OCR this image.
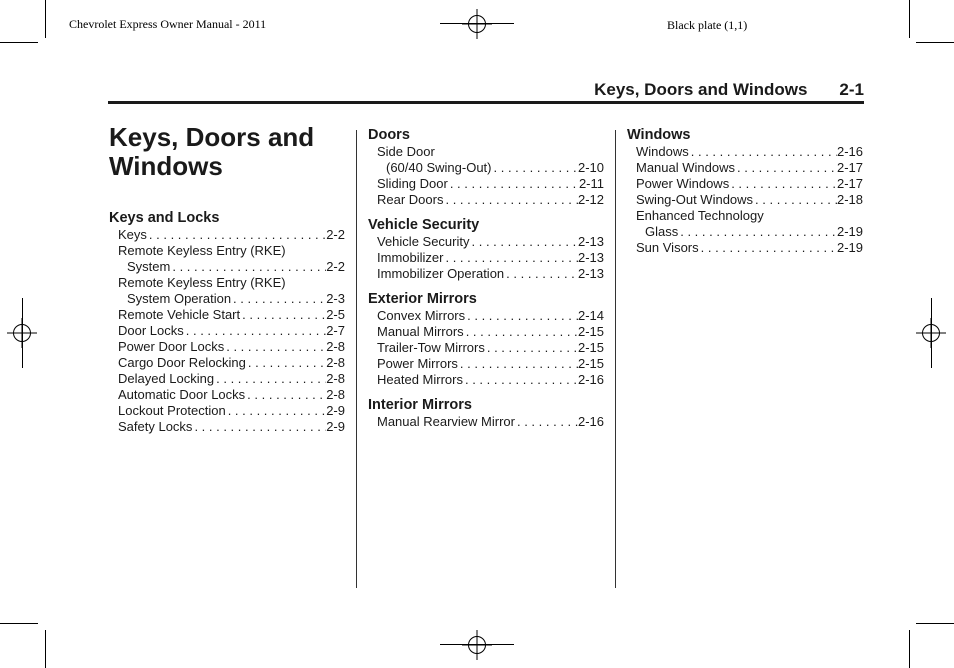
Chevrolet Express Owner Manual - 2011	Black plate (1,1)
Keys, Doors and Windows 2-1
Keys, Doors and
Windows
Keys and Locks
Keys . . .	2-2
Remote Keyless Entry (RKE)
System . . .	2-2
Remote Keyless Entry (RKE)
System Operation . . .	2-3
Remote Vehicle Start . . .	2-5
Door Locks . . .	2-7
Power Door Locks . . .	2-8
Cargo Door Relocking . . .	2-8
Delayed Locking . . .	2-8
Automatic Door Locks . . .	2-8
Lockout Protection . . .	2-9
Safety Locks . . .	2-9
Doors
Side Door
(60/40 Swing-Out) . . .	2-10
Sliding Door . . .	2-11
Rear Doors . . .	2-12
Vehicle Security
Vehicle Security . . .	2-13
Immobilizer . . .	2-13
Immobilizer Operation . . .	2-13
Exterior Mirrors
Convex Mirrors . . .	2-14
Manual Mirrors . . .	2-15
Trailer-Tow Mirrors . . .	2-15
Power Mirrors . . .	2-15
Heated Mirrors . . .	2-16
Interior Mirrors
Manual Rearview Mirror . . .	2-16
Windows
Windows . . .	2-16
Manual Windows . . .	2-17
Power Windows . . .	2-17
Swing-Out Windows . . .	2-18
Enhanced Technology
Glass . . .	2-19
Sun Visors . . .	2-19
